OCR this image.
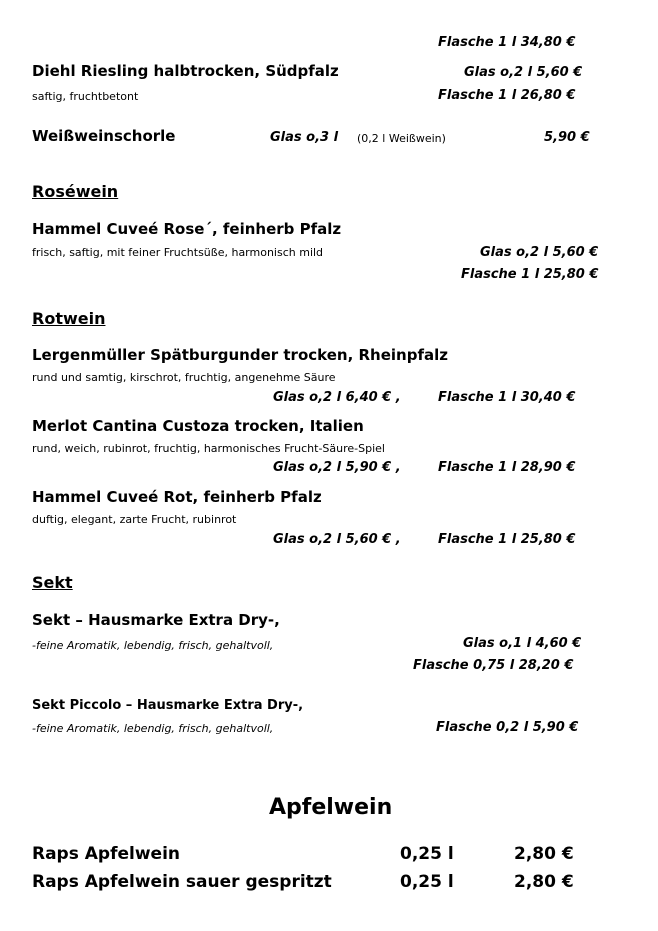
Flasche 1 l 34,80 €
Diehl Riesling halbtrocken, Südpfalz
saftig, fruchtbetont
Glas o,2 l 5,60 €
Flasche 1 l 26,80 €
Weißweinschorle	Glas o,3 l (0,2 l Weißwein)	5,90 €
Roséwein
Hammel Cuveé Rose´, feinherb Pfalz
frisch, saftig, mit feiner Fruchtsüße, harmonisch mild	Glas o,2 l 5,60 €
Flasche 1 l 25,80 €
Rotwein
Lergenmüller Spätburgunder trocken, Rheinpfalz
rund und samtig, kirschrot, fruchtig, angenehme Säure
Glas o,2 l 6,40 € ,	Flasche 1 l 30,40 €
Merlot Cantina Custoza trocken, Italien
rund, weich, rubinrot, fruchtig, harmonisches Frucht-Säure-Spiel
Glas o,2 l 5,90 € ,	Flasche 1 l 28,90 €
Hammel Cuveé Rot, feinherb Pfalz
duftig, elegant, zarte Frucht, rubinrot
Glas o,2 l 5,60 € ,	Flasche 1 l 25,80 €
Sekt
Sekt – Hausmarke Extra Dry-,
-feine Aromatik, lebendig, frisch, gehaltvoll,	Glas o,1 l 4,60 €
Flasche 0,75 l 28,20 €
Sekt Piccolo – Hausmarke Extra Dry-,
-feine Aromatik, lebendig, frisch, gehaltvoll,	Flasche 0,2 l 5,90 €
Apfelwein
Raps Apfelwein	0,25 l	2,80 €
Raps Apfelwein sauer gespritzt	0,25 l	2,80 €
